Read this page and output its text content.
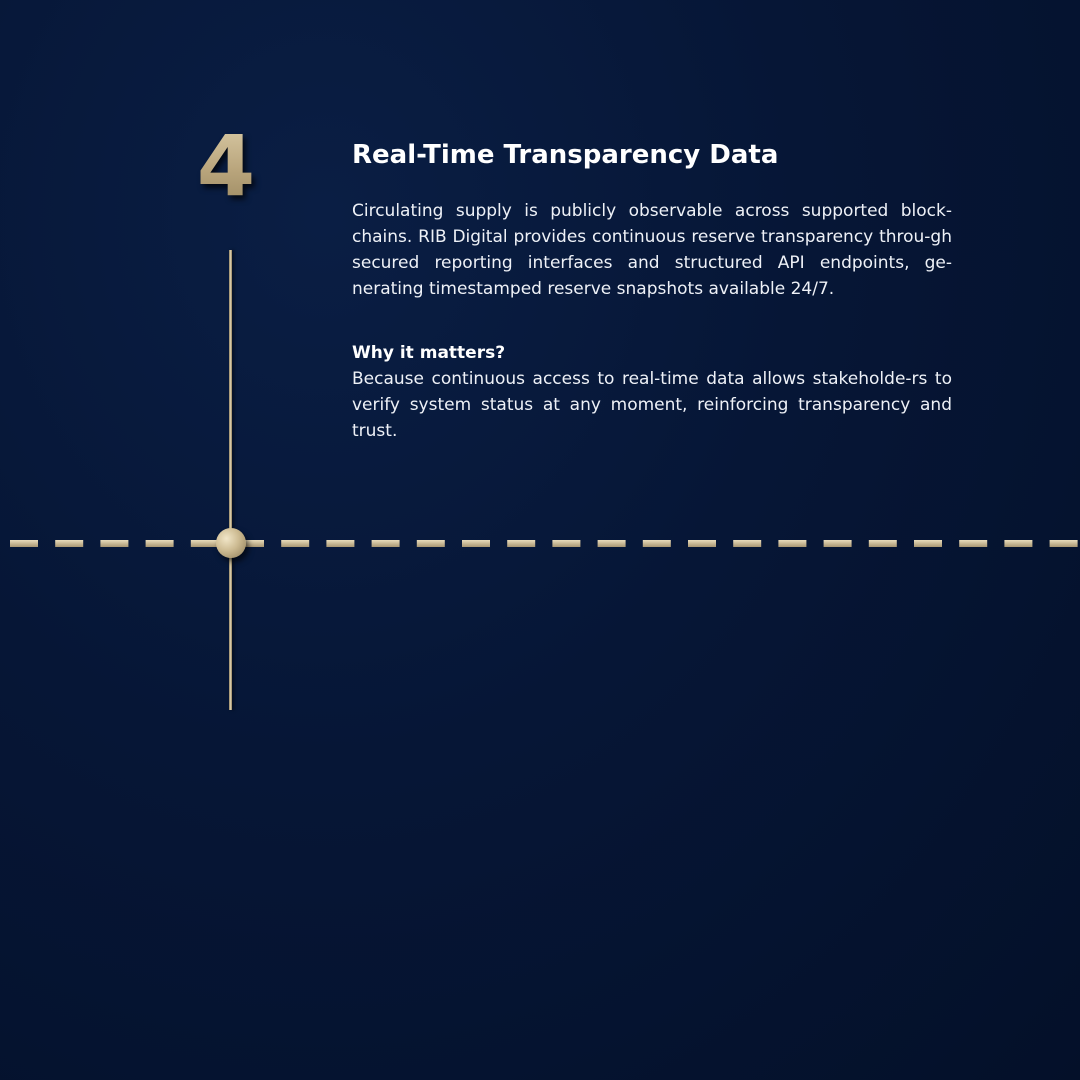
4	Real-Time Transparency Data

Circulating supply is publicly observable across supported block-chains. RIB Digital provides continuous reserve transparency throu-gh secured reporting interfaces and structured API endpoints, ge-nerating timestamped reserve snapshots available 24/7.

Why it matters?

Because continuous access to real-time data allows stakeholde-rs to verify system status at any moment, reinforcing transparency and trust.
